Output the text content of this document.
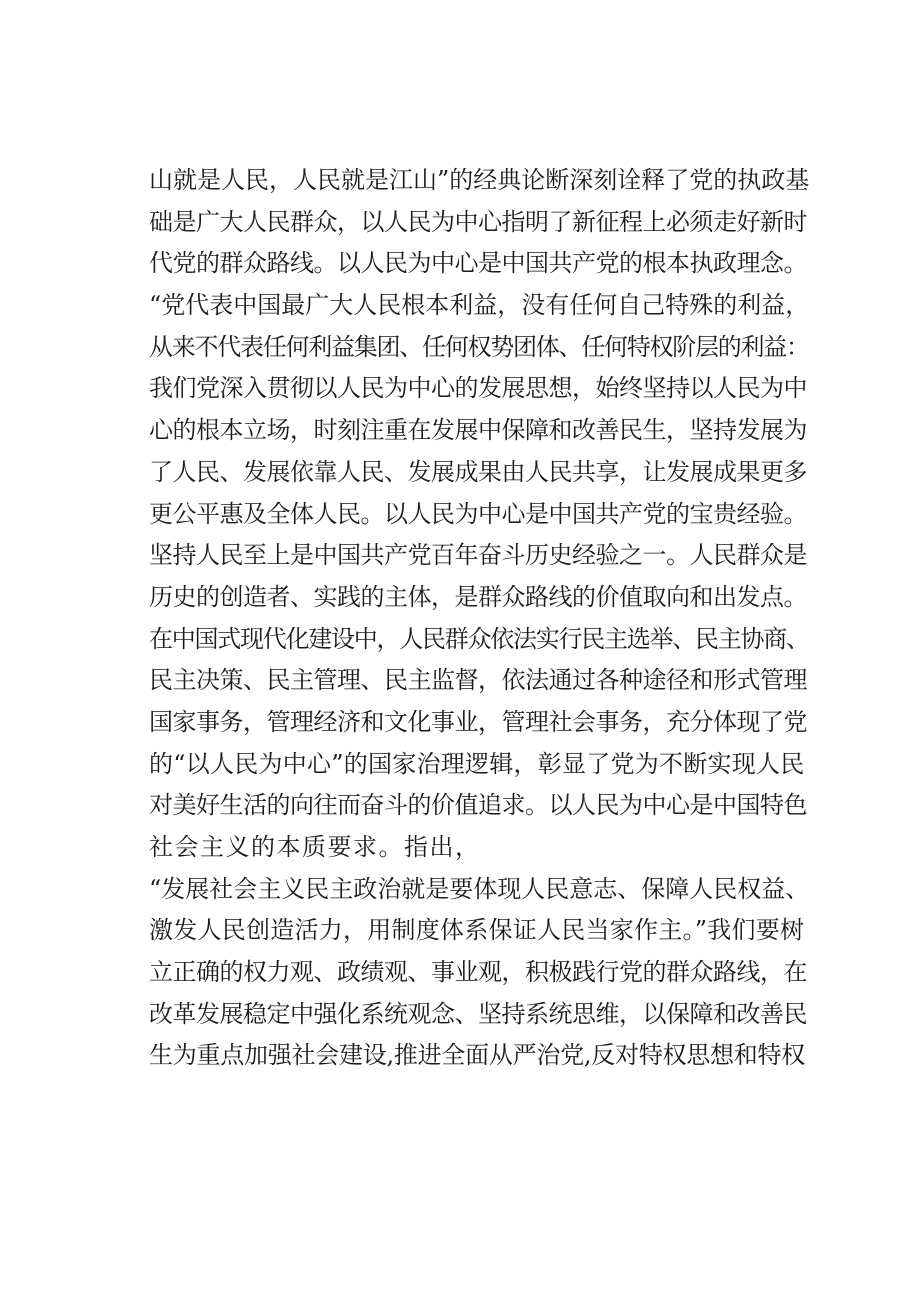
山就是人民，人民就是江山”的经典论断深刻诠释了党的执政基
础是广大人民群众，以人民为中心指明了新征程上必须走好新时
代党的群众路线。以人民为中心是中国共产党的根本执政理念。
“党代表中国最广大人民根本利益，没有任何自己特殊的利益，
从来不代表任何利益集团、任何权势团体、任何特权阶层的利益：
我们党深入贯彻以人民为中心的发展思想，始终坚持以人民为中
心的根本立场，时刻注重在发展中保障和改善民生，坚持发展为
了人民、发展依靠人民、发展成果由人民共享，让发展成果更多
更公平惠及全体人民。以人民为中心是中国共产党的宝贵经验。
坚持人民至上是中国共产党百年奋斗历史经验之一。人民群众是
历史的创造者、实践的主体，是群众路线的价值取向和出发点。
在中国式现代化建设中，人民群众依法实行民主选举、民主协商、
民主决策、民主管理、民主监督，依法通过各种途径和形式管理
国家事务，管理经济和文化事业，管理社会事务，充分体现了党
的“以人民为中心”的国家治理逻辑，彰显了党为不断实现人民
对美好生活的向往而奋斗的价值追求。以人民为中心是中国特色
社会主义的本质要求。指出，
“发展社会主义民主政治就是要体现人民意志、保障人民权益、
激发人民创造活力，用制度体系保证人民当家作主。”我们要树
立正确的权力观、政绩观、事业观，积极践行党的群众路线，在
改革发展稳定中强化系统观念、坚持系统思维，以保障和改善民
生为重点加强社会建设,推进全面从严治党,反对特权思想和特权
